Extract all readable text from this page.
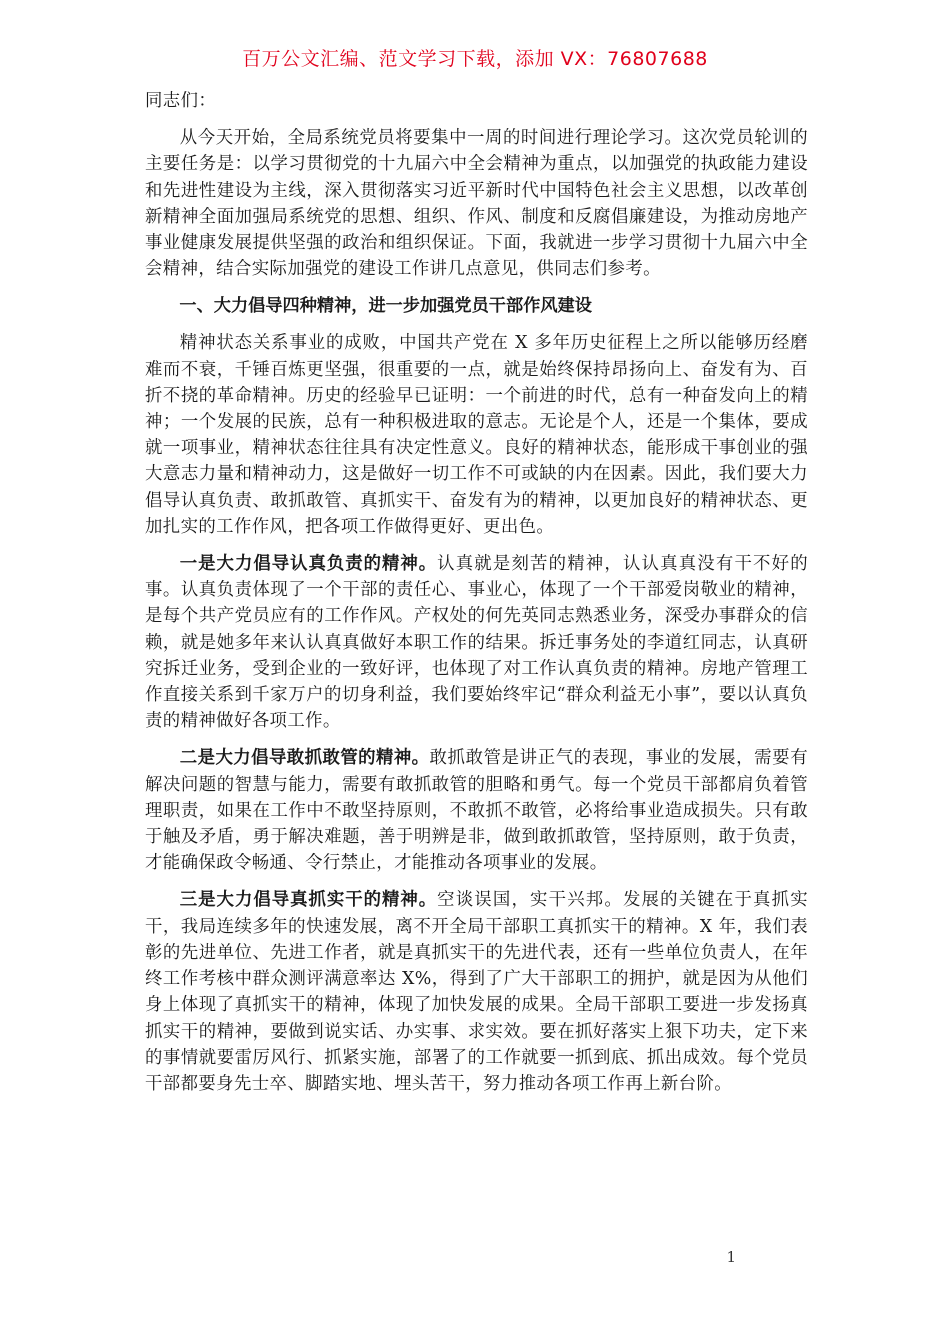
百万公文汇编、范文学习下载，添加 VX：76807688

同志们：

从今天开始，全局系统党员将要集中一周的时间进行理论学习。这次党员轮训的主要任务是：以学习贯彻党的十九届六中全会精神为重点，以加强党的执政能力建设和先进性建设为主线，深入贯彻落实习近平新时代中国特色社会主义思想，以改革创新精神全面加强局系统党的思想、组织、作风、制度和反腐倡廉建设，为推动房地产事业健康发展提供坚强的政治和组织保证。下面，我就进一步学习贯彻十九届六中全会精神，结合实际加强党的建设工作讲几点意见，供同志们参考。

一、大力倡导四种精神，进一步加强党员干部作风建设

精神状态关系事业的成败，中国共产党在 X 多年历史征程上之所以能够历经磨难而不衰，千锤百炼更坚强，很重要的一点，就是始终保持昂扬向上、奋发有为、百折不挠的革命精神。历史的经验早已证明：一个前进的时代，总有一种奋发向上的精神；一个发展的民族，总有一种积极进取的意志。无论是个人，还是一个集体，要成就一项事业，精神状态往往具有决定性意义。良好的精神状态，能形成干事创业的强大意志力量和精神动力，这是做好一切工作不可或缺的内在因素。因此，我们要大力倡导认真负责、敢抓敢管、真抓实干、奋发有为的精神，以更加良好的精神状态、更加扎实的工作作风，把各项工作做得更好、更出色。

一是大力倡导认真负责的精神。认真就是刻苦的精神，认认真真没有干不好的事。认真负责体现了一个干部的责任心、事业心，体现了一个干部爱岗敬业的精神，是每个共产党员应有的工作作风。产权处的何先英同志熟悉业务，深受办事群众的信赖，就是她多年来认认真真做好本职工作的结果。拆迁事务处的李道红同志，认真研究拆迁业务，受到企业的一致好评，也体现了对工作认真负责的精神。房地产管理工作直接关系到千家万户的切身利益，我们要始终牢记“群众利益无小事”，要以认真负责的精神做好各项工作。

二是大力倡导敢抓敢管的精神。敢抓敢管是讲正气的表现，事业的发展，需要有解决问题的智慧与能力，需要有敢抓敢管的胆略和勇气。每一个党员干部都肩负着管理职责，如果在工作中不敢坚持原则，不敢抓不敢管，必将给事业造成损失。只有敢于触及矛盾，勇于解决难题，善于明辨是非，做到敢抓敢管，坚持原则，敢于负责，才能确保政令畅通、令行禁止，才能推动各项事业的发展。

三是大力倡导真抓实干的精神。空谈误国，实干兴邦。发展的关键在于真抓实干，我局连续多年的快速发展，离不开全局干部职工真抓实干的精神。X 年，我们表彰的先进单位、先进工作者，就是真抓实干的先进代表，还有一些单位负责人，在年终工作考核中群众测评满意率达 X%，得到了广大干部职工的拥护，就是因为从他们身上体现了真抓实干的精神，体现了加快发展的成果。全局干部职工要进一步发扬真抓实干的精神，要做到说实话、办实事、求实效。要在抓好落实上狠下功夫，定下来的事情就要雷厉风行、抓紧实施，部署了的工作就要一抓到底、抓出成效。每个党员干部都要身先士卒、脚踏实地、埋头苦干，努力推动各项工作再上新台阶。

1
